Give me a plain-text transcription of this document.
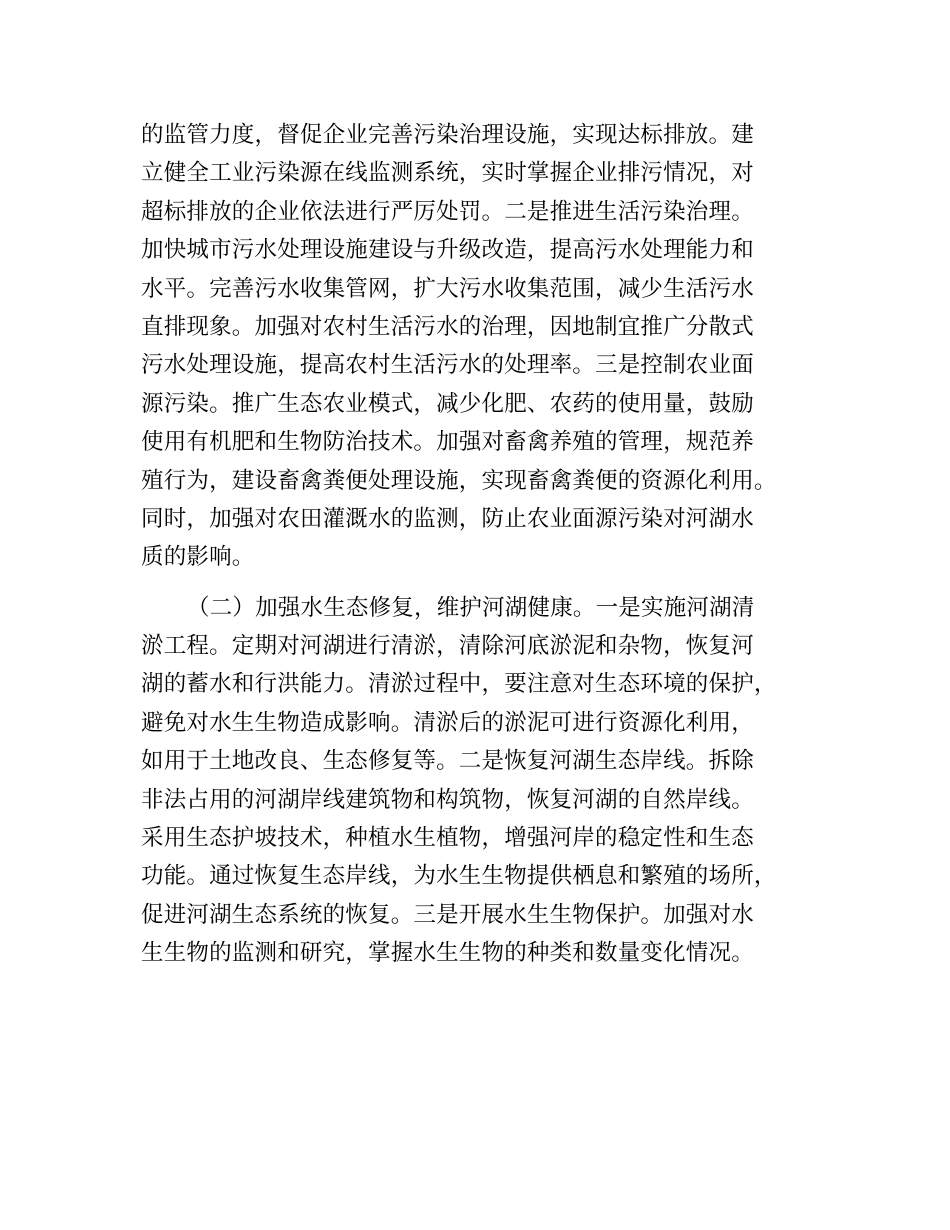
的监管力度，督促企业完善污染治理设施，实现达标排放。建
立健全工业污染源在线监测系统，实时掌握企业排污情况，对
超标排放的企业依法进行严厉处罚。二是推进生活污染治理。
加快城市污水处理设施建设与升级改造，提高污水处理能力和
水平。完善污水收集管网，扩大污水收集范围，减少生活污水
直排现象。加强对农村生活污水的治理，因地制宜推广分散式
污水处理设施，提高农村生活污水的处理率。三是控制农业面
源污染。推广生态农业模式，减少化肥、农药的使用量，鼓励
使用有机肥和生物防治技术。加强对畜禽养殖的管理，规范养
殖行为，建设畜禽粪便处理设施，实现畜禽粪便的资源化利用。
同时，加强对农田灌溉水的监测，防止农业面源污染对河湖水
质的影响。
（二）加强水生态修复，维护河湖健康。一是实施河湖清
淤工程。定期对河湖进行清淤，清除河底淤泥和杂物，恢复河
湖的蓄水和行洪能力。清淤过程中，要注意对生态环境的保护，
避免对水生生物造成影响。清淤后的淤泥可进行资源化利用，
如用于土地改良、生态修复等。二是恢复河湖生态岸线。拆除
非法占用的河湖岸线建筑物和构筑物，恢复河湖的自然岸线。
采用生态护坡技术，种植水生植物，增强河岸的稳定性和生态
功能。通过恢复生态岸线，为水生生物提供栖息和繁殖的场所，
促进河湖生态系统的恢复。三是开展水生生物保护。加强对水
生生物的监测和研究，掌握水生生物的种类和数量变化情况。
